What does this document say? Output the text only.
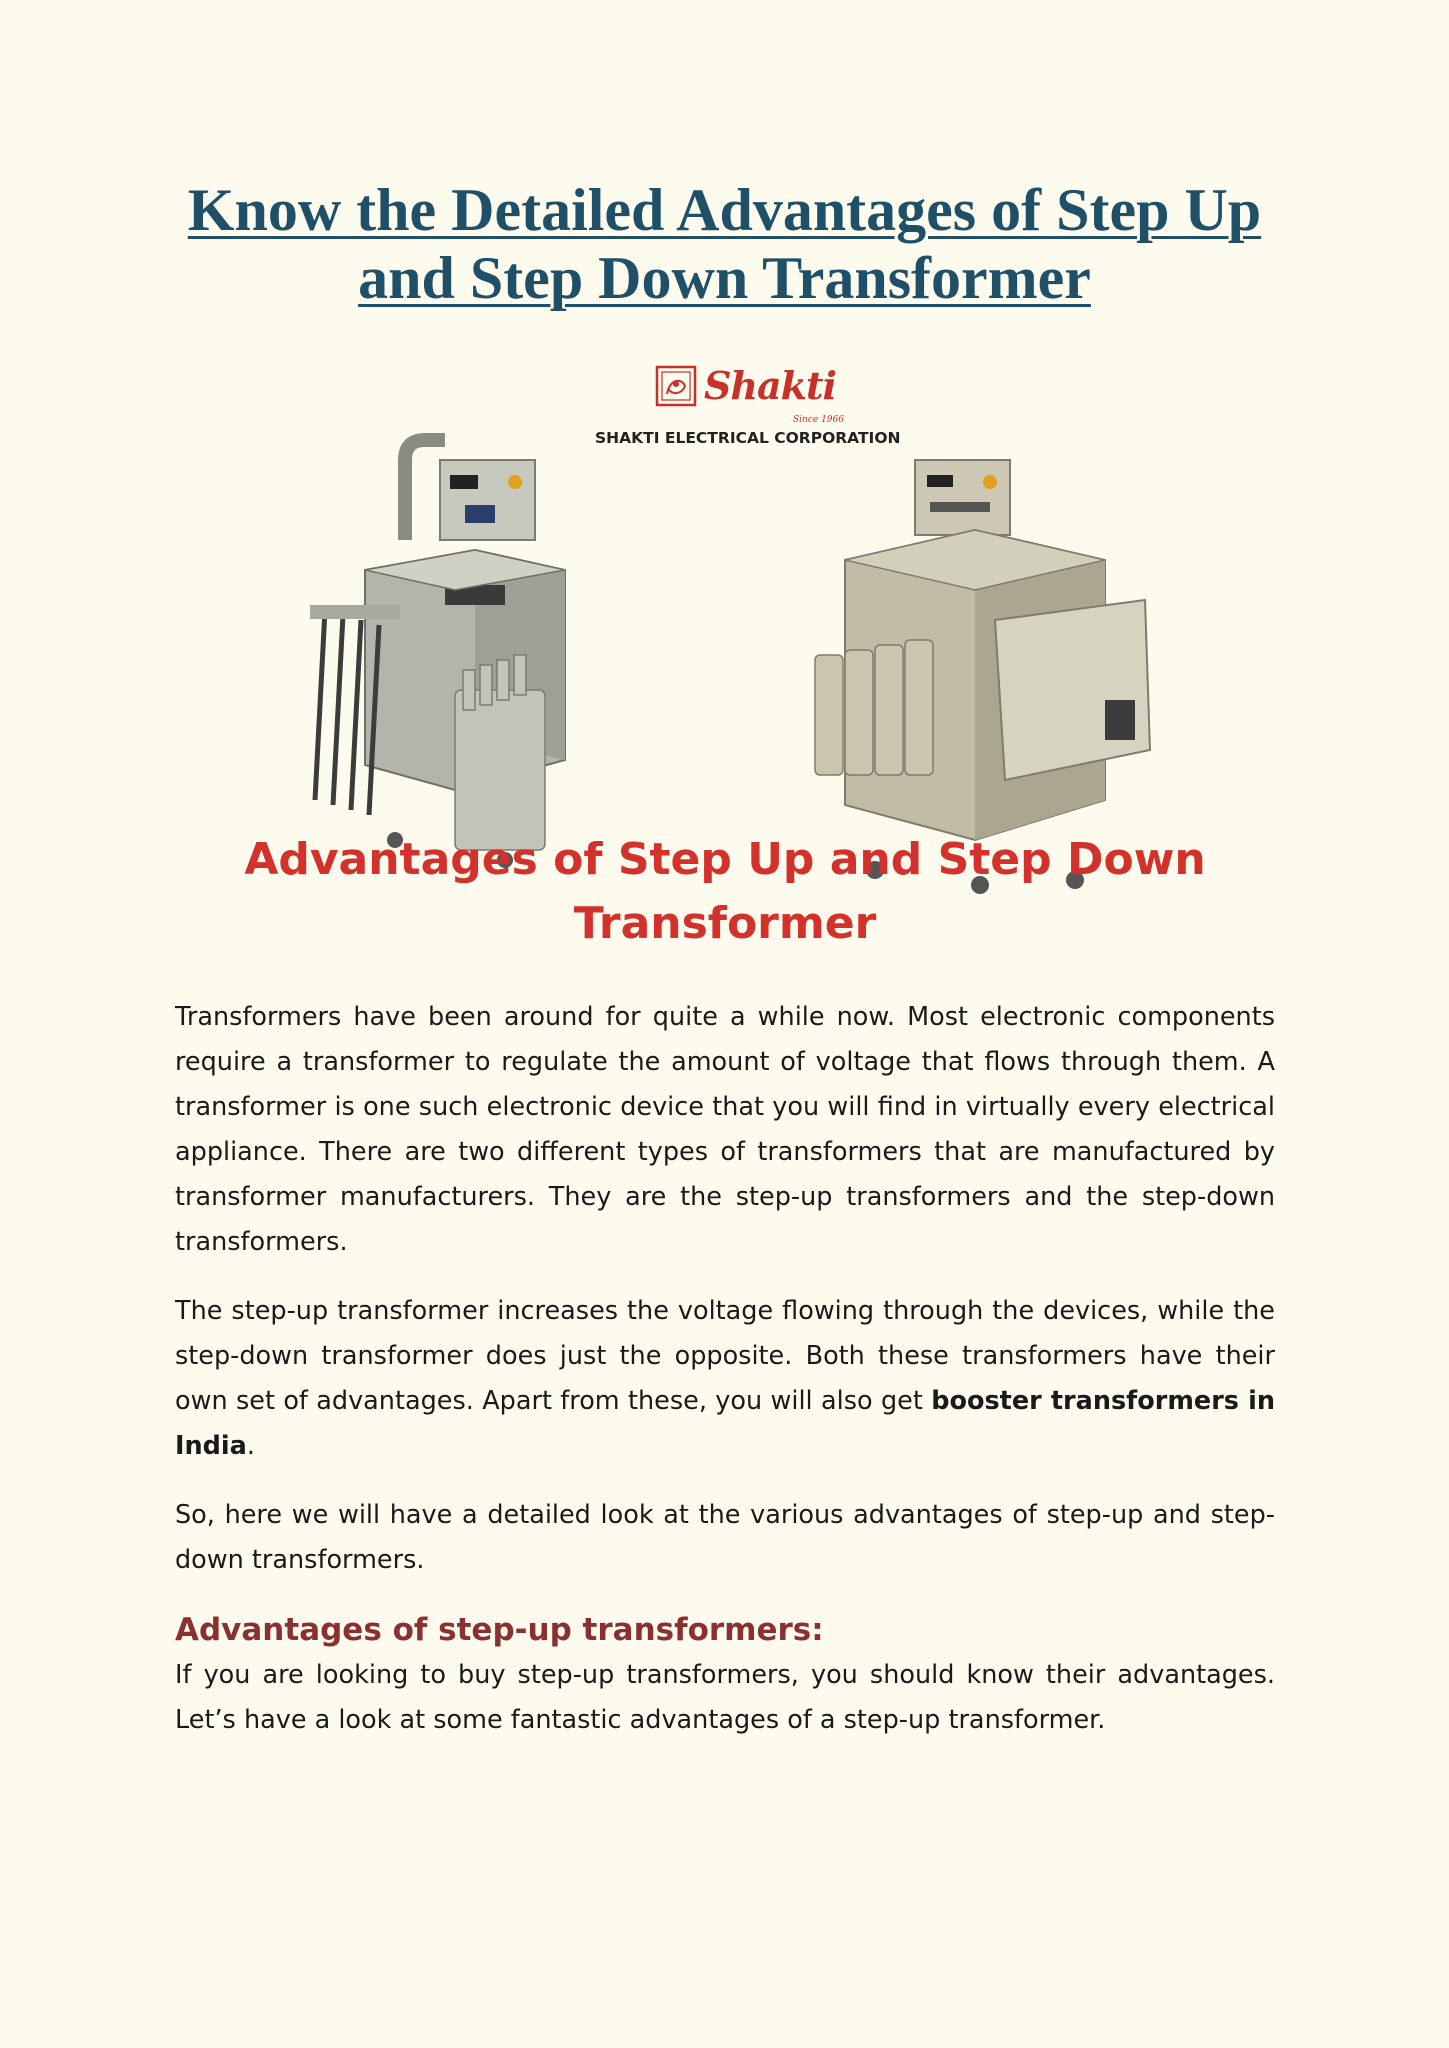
Know the Detailed Advantages of Step Up
and Step Down Transformer
Shakti
Since 1966
SHAKTI ELECTRICAL CORPORATION
Advantages of Step Up and Step Down
Transformer

Transformers have been around for quite a while now. Most electronic components require a transformer to regulate the amount of voltage that flows through them. A transformer is one such electronic device that you will find in virtually every electrical appliance. There are two different types of transformers that are manufactured by transformer manufacturers. They are the step-up transformers and the step-down transformers.

The step-up transformer increases the voltage flowing through the devices, while the step-down transformer does just the opposite. Both these transformers have their own set of advantages. Apart from these, you will also get booster transformers in India.

So, here we will have a detailed look at the various advantages of step-up and step-down transformers.

Advantages of step-up transformers:

If you are looking to buy step-up transformers, you should know their advantages. Let’s have a look at some fantastic advantages of a step-up transformer.
